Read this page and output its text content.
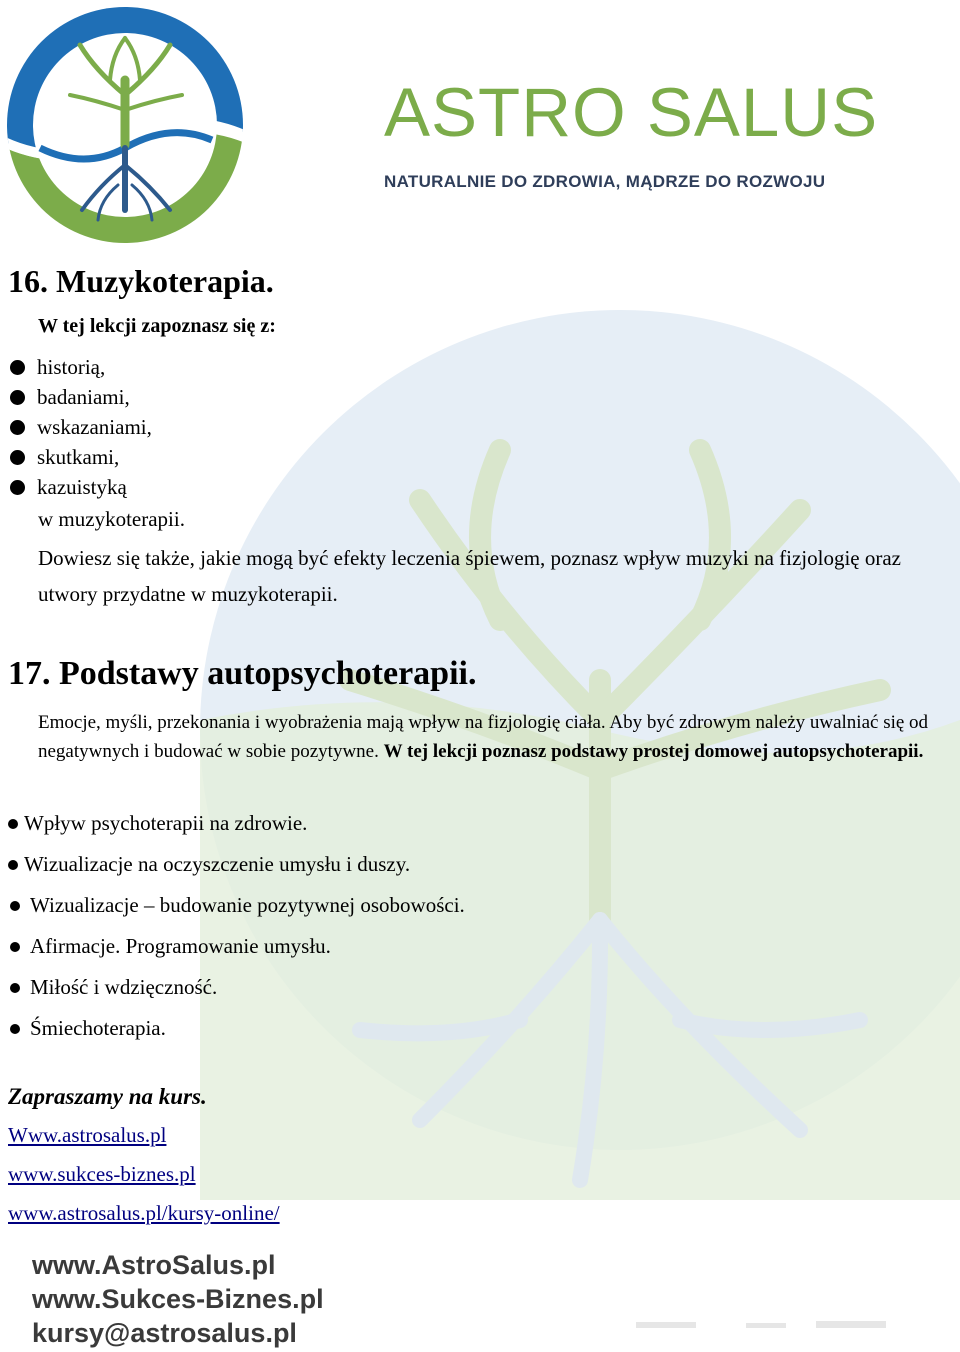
ASTRO SALUS
NATURALNIE DO ZDROWIA, MĄDRZE DO ROZWOJU
16. Muzykoterapia.
W tej lekcji zapoznasz się z:
historią,
badaniami,
wskazaniami,
skutkami,
kazuistyką
w muzykoterapii.
Dowiesz się także, jakie mogą być efekty leczenia śpiewem, poznasz wpływ muzyki na fizjologię oraz utwory przydatne w muzykoterapii.
17. Podstawy autopsychoterapii.
Emocje, myśli, przekonania i wyobrażenia mają wpływ na fizjologię ciała. Aby być zdrowym należy uwalniać się od negatywnych i budować w sobie pozytywne. W tej lekcji poznasz podstawy prostej domowej autopsychoterapii.
Wpływ psychoterapii na zdrowie.
Wizualizacje na oczyszczenie umysłu i duszy.
Wizualizacje – budowanie pozytywnej osobowości.
Afirmacje. Programowanie umysłu.
Miłość i wdzięczność.
Śmiechoterapia.
Zapraszamy na kurs.
Www.astrosalus.pl
www.sukces-biznes.pl
www.astrosalus.pl/kursy-online/
www.AstroSalus.pl
www.Sukces-Biznes.pl
kursy@astrosalus.pl
